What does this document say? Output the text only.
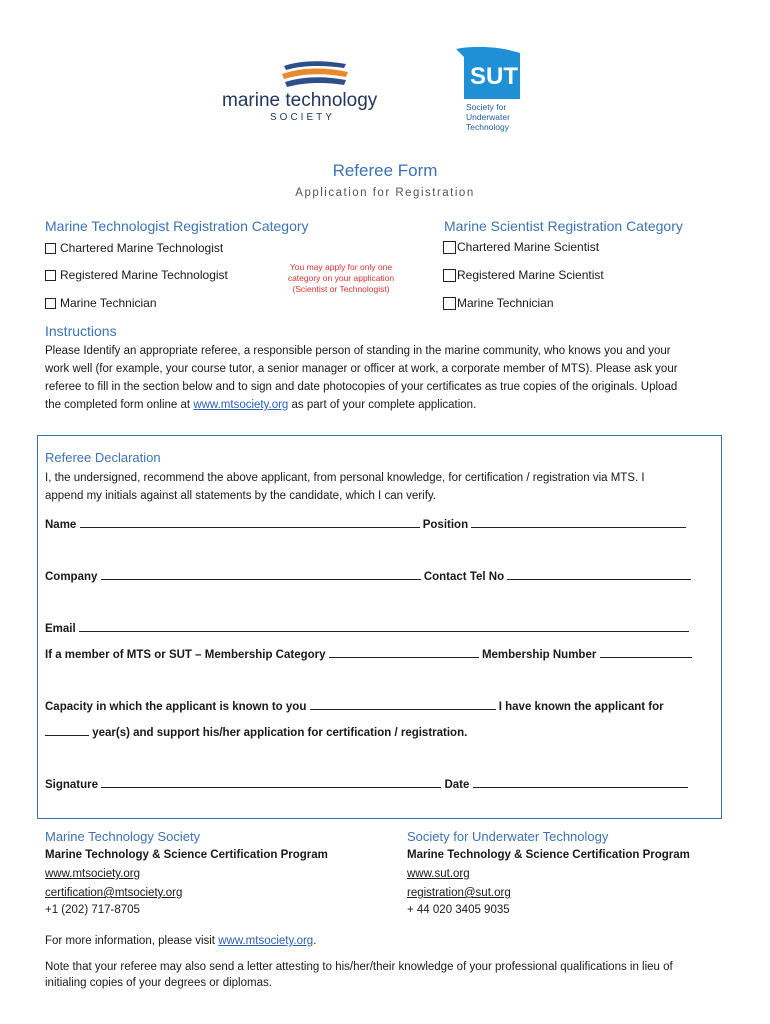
marine technology
SOCIETY
SUT
Society for
Underwater
Technology
Referee Form
Application for Registration
Marine Technologist Registration Category	Marine Scientist Registration Category
Chartered Marine Technologist
Registered Marine Technologist
Marine Technician
You may apply for only one
category on your application
(Scientist or Technologist)
Chartered Marine Scientist
Registered Marine Scientist
Marine Technician
Instructions
Please Identify an appropriate referee, a responsible person of standing in the marine community, who knows you and your
work well (for example, your course tutor, a senior manager or officer at work, a corporate member of MTS). Please ask your
referee to fill in the section below and to sign and date photocopies of your certificates as true copies of the originals. Upload
the completed form online at www.mtsociety.org as part of your complete application.
Referee Declaration
I, the undersigned, recommend the above applicant, from personal knowledge, for certification / registration via MTS. I
append my initials against all statements by the candidate, which I can verify.
Name	Position
Company	Contact Tel No
Email
If a member of MTS or SUT – Membership Category	Membership Number
Capacity in which the applicant is known to you	I have known the applicant for
year(s) and support his/her application for certification / registration.
Signature	Date
Marine Technology Society
Marine Technology & Science Certification Program
www.mtsociety.org
certification@mtsociety.org
+1 (202) 717-8705
Society for Underwater Technology
Marine Technology & Science Certification Program
www.sut.org
registration@sut.org
+ 44 020 3405 9035
For more information, please visit www.mtsociety.org.
Note that your referee may also send a letter attesting to his/her/their knowledge of your professional qualifications in lieu of
initialing copies of your degrees or diplomas.
